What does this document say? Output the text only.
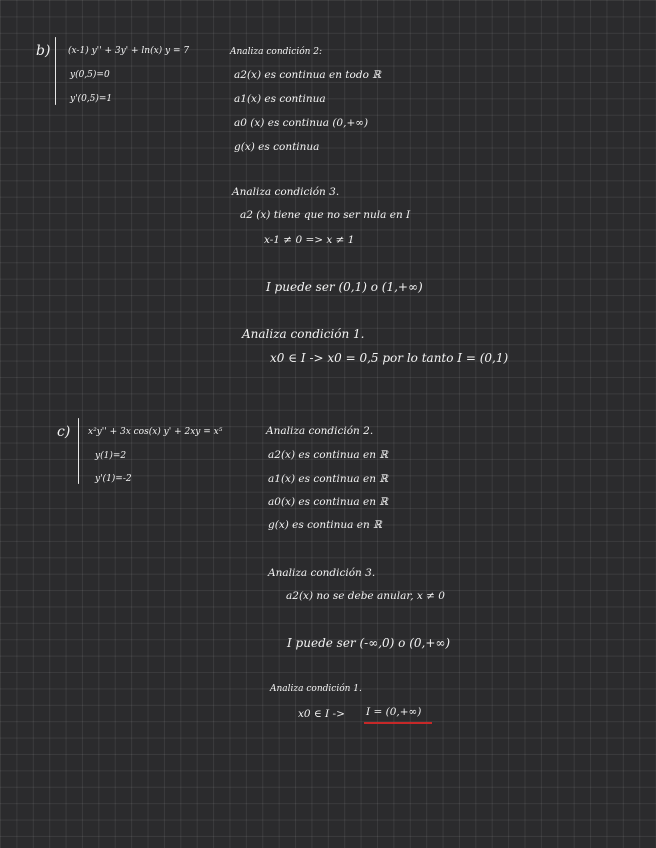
b) (x-1) y'' + 3y' + ln(x) y = 7
y(0,5)=0
y'(0,5)=1
Analiza condición 2:
a2(x) es continua en todo ℝ
a1(x) es continua
a0 (x) es continua (0,+∞)
g(x) es continua
Analiza condición 3.
a2 (x) tiene que no ser nula en I
x-1 ≠ 0 => x ≠ 1
I puede ser (0,1) o (1,+∞)
Analiza condición 1.
x0 ∈ I -> x0 = 0,5 por lo tanto I = (0,1)
c) x²y'' + 3x cos(x) y' + 2xy = x⁵
y(1)=2
y'(1)=-2
Analiza condición 2.
a2(x) es continua en ℝ
a1(x) es continua en ℝ
a0(x) es continua en ℝ
g(x) es continua en ℝ
Analiza condición 3.
a2(x) no se debe anular, x ≠ 0
I puede ser (-∞,0) o (0,+∞)
Analiza condición 1.
x0 ∈ I -> I = (0,+∞)
